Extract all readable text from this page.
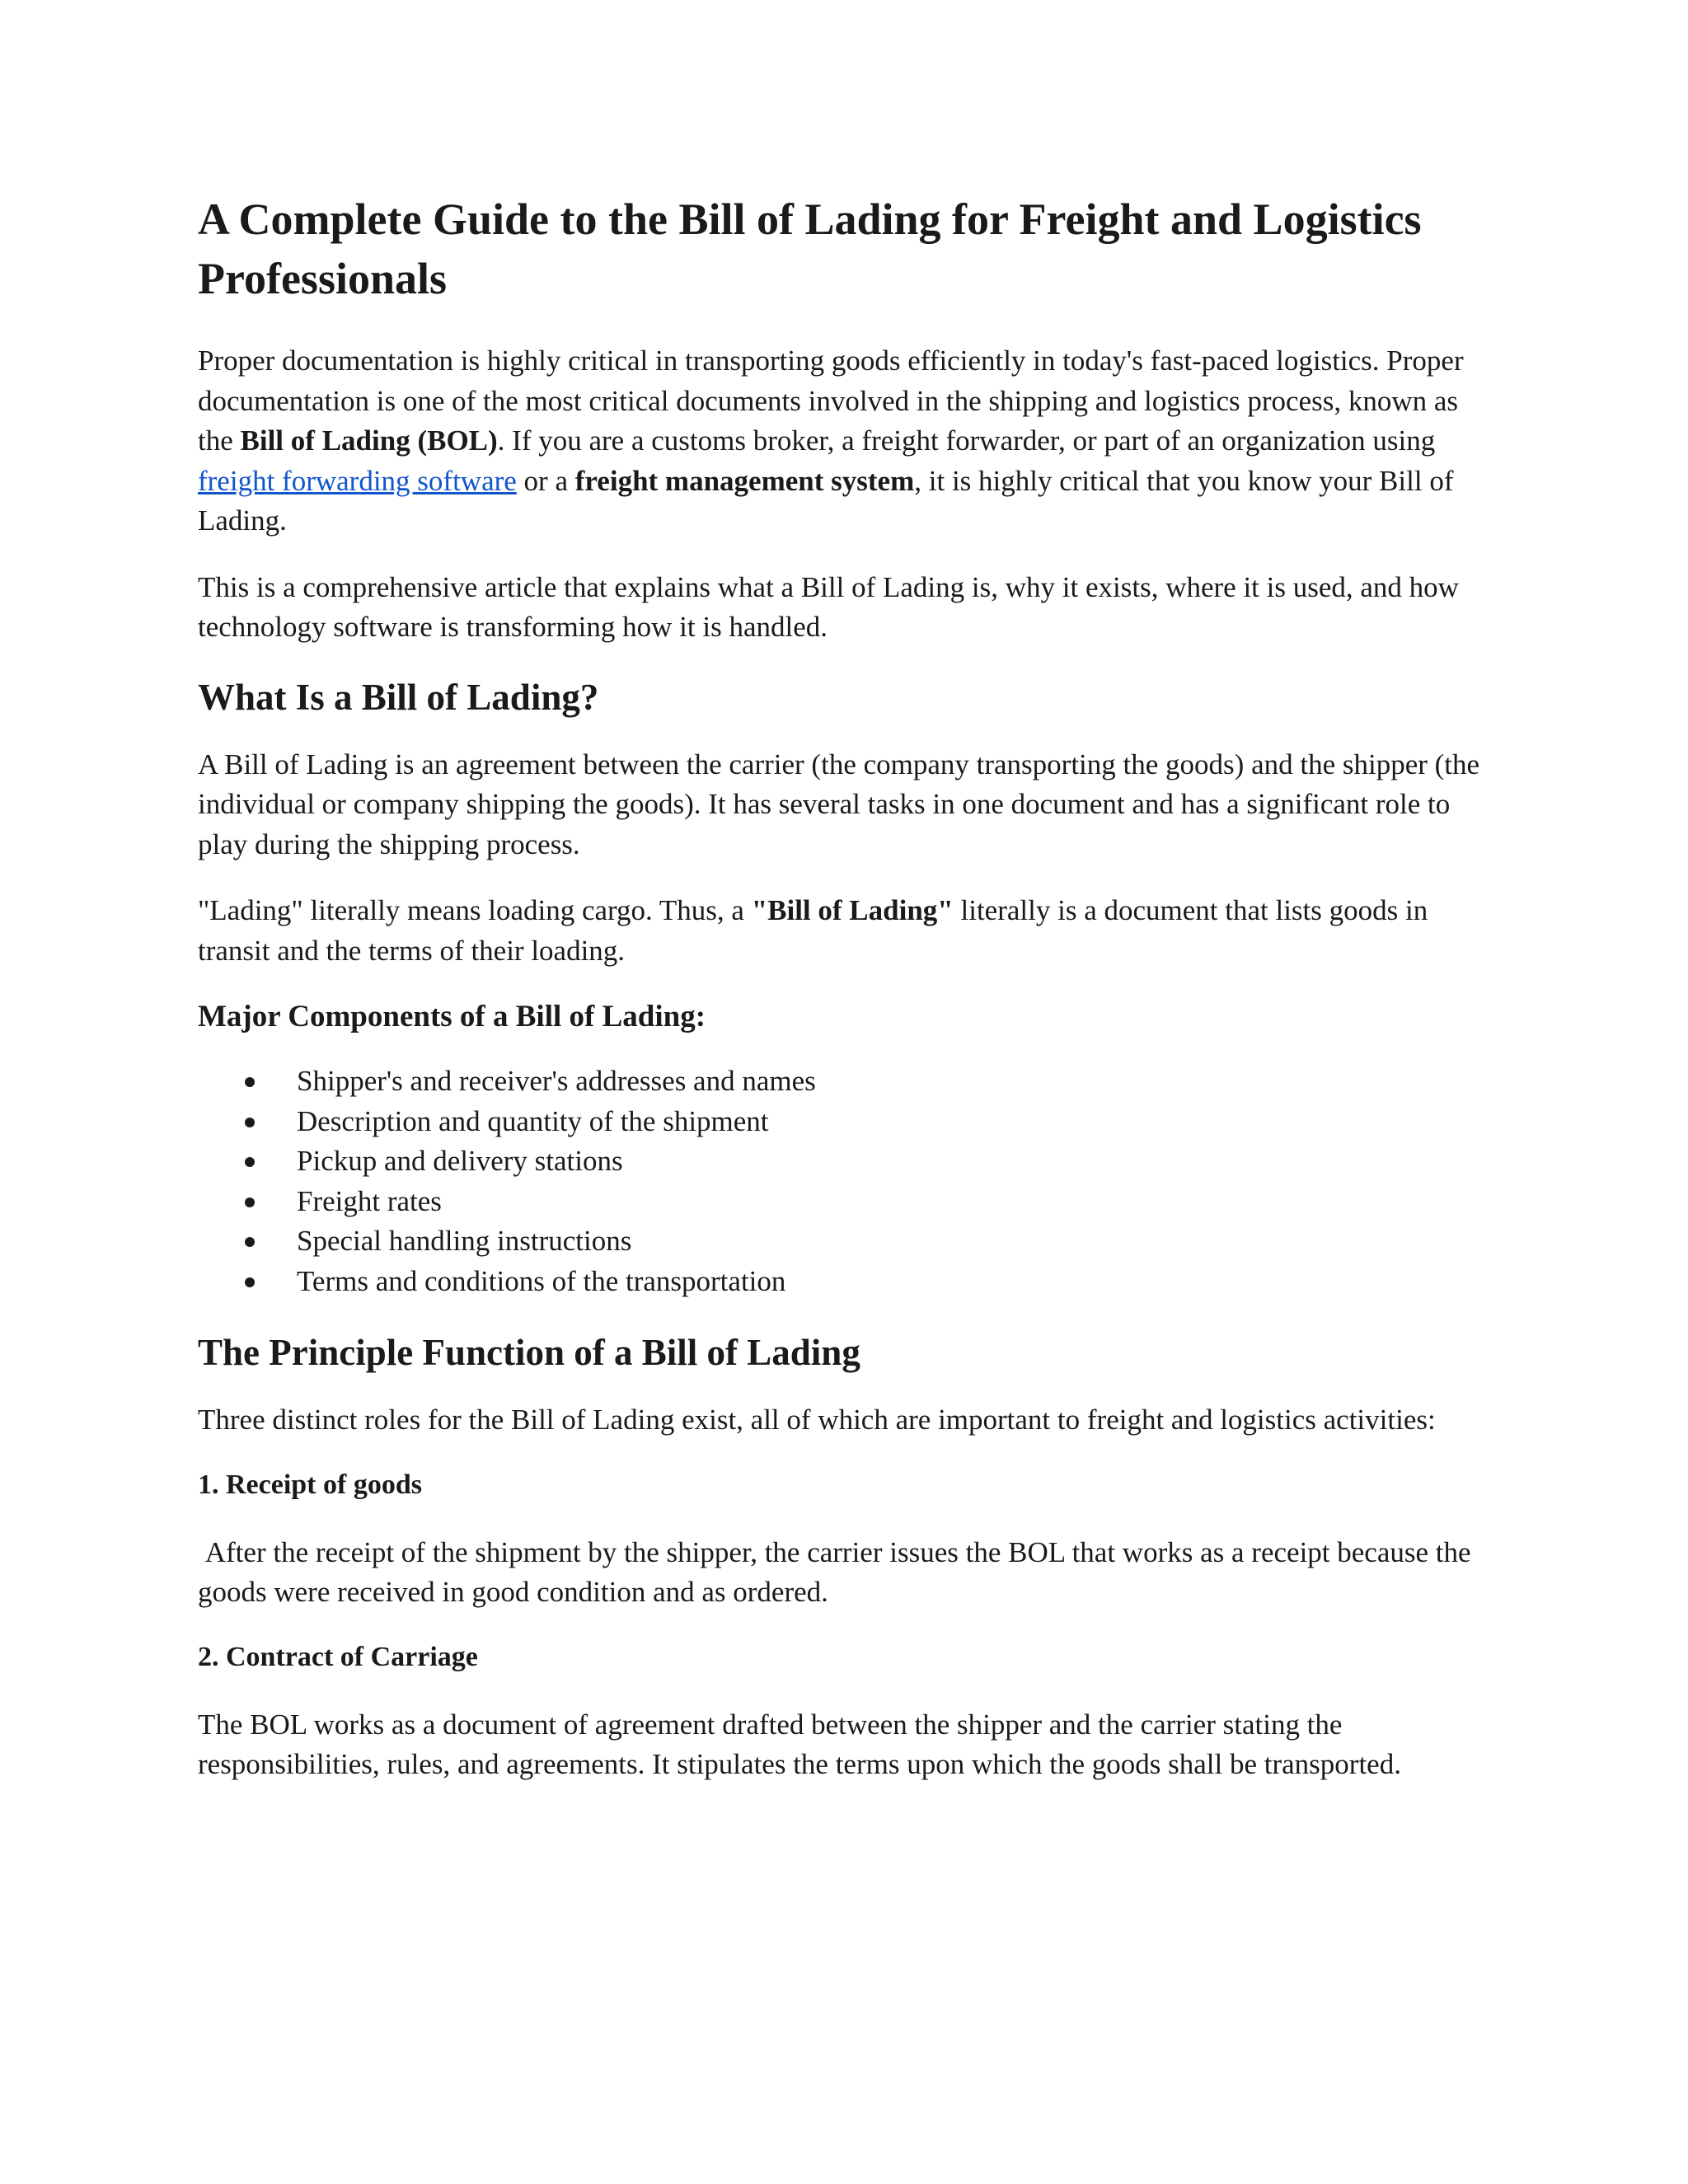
A Complete Guide to the Bill of Lading for Freight and Logistics Professionals

Proper documentation is highly critical in transporting goods efficiently in today's fast-paced logistics. Proper documentation is one of the most critical documents involved in the shipping and logistics process, known as the Bill of Lading (BOL). If you are a customs broker, a freight forwarder, or part of an organization using freight forwarding software or a freight management system, it is highly critical that you know your Bill of Lading.

This is a comprehensive article that explains what a Bill of Lading is, why it exists, where it is used, and how technology software is transforming how it is handled.

What Is a Bill of Lading?

A Bill of Lading is an agreement between the carrier (the company transporting the goods) and the shipper (the individual or company shipping the goods). It has several tasks in one document and has a significant role to play during the shipping process.

"Lading" literally means loading cargo. Thus, a "Bill of Lading" literally is a document that lists goods in transit and the terms of their loading.

Major Components of a Bill of Lading:
Shipper's and receiver's addresses and names
Description and quantity of the shipment
Pickup and delivery stations
Freight rates
Special handling instructions
Terms and conditions of the transportation
The Principle Function of a Bill of Lading

Three distinct roles for the Bill of Lading exist, all of which are important to freight and logistics activities:

1. Receipt of goods

After the receipt of the shipment by the shipper, the carrier issues the BOL that works as a receipt because the goods were received in good condition and as ordered.

2. Contract of Carriage

The BOL works as a document of agreement drafted between the shipper and the carrier stating the responsibilities, rules, and agreements. It stipulates the terms upon which the goods shall be transported.
